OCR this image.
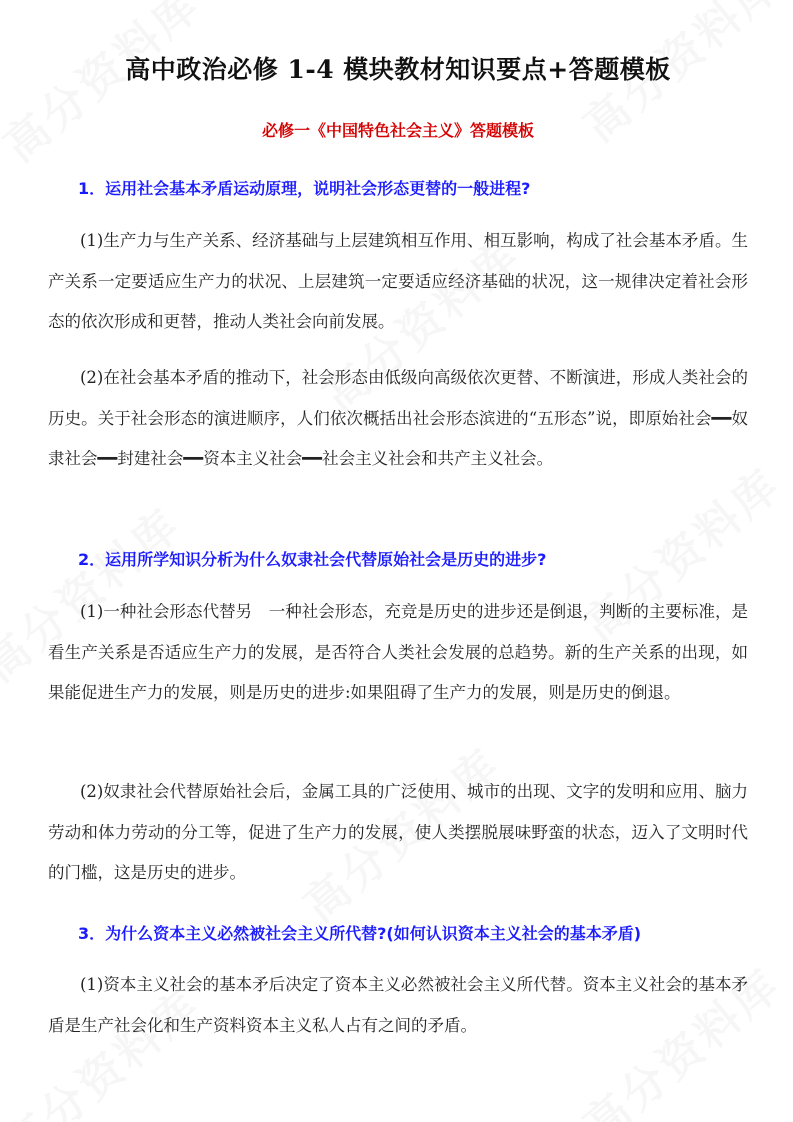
高中政治必修 1-4 模块教材知识要点+答题模板
必修一《中国特色社会主义》答题模板
1．运用社会基本矛盾运动原理，说明社会形态更替的一般进程?
(1)生产力与生产关系、经济基础与上层建筑相互作用、相互影响，构成了社会基本矛盾。生产关系一定要适应生产力的状况、上层建筑一定要适应经济基础的状况，这一规律决定着社会形态的依次形成和更替，推动人类社会向前发展。
(2)在社会基本矛盾的推动下，社会形态由低级向高级依次更替、不断演进，形成人类社会的历史。关于社会形态的演进顺序，人们依次概括出社会形态滨进的“五形态”说，即原始社会━━奴隶社会━━封建社会━━资本主义社会━━社会主义社会和共产主义社会。
2．运用所学知识分析为什么奴隶社会代替原始社会是历史的进步?
(1)一种社会形态代替另　一种社会形态，充竞是历史的进步还是倒退，判断的主要标准，是看生产关系是否适应生产力的发展，是否符合人类社会发展的总趋势。新的生产关系的出现，如果能促进生产力的发展，则是历史的进步:如果阻碍了生产力的发展，则是历史的倒退。
(2)奴隶社会代替原始社会后，金属工具的广泛使用、城市的出现、文字的发明和应用、脑力劳动和体力劳动的分工等，促进了生产力的发展，使人类摆脱展味野蛮的状态，迈入了文明时代的门槛，这是历史的进步。
3．为什么资本主义必然被社会主义所代替?(如何认识资本主义社会的基本矛盾)
(1)资本主义社会的基本矛后决定了资本主义必然被社会主义所代替。资本主义社会的基本矛盾是生产社会化和生产资料资本主义私人占有之间的矛盾。
